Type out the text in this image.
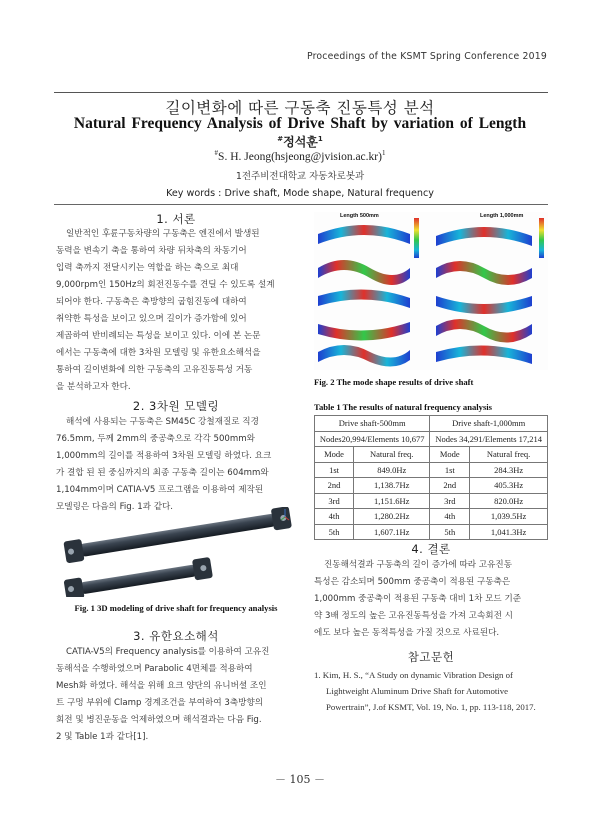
Proceedings of the KSMT Spring Conference 2019
길이변화에 따른 구동축 진동특성 분석
Natural Frequency Analysis of Drive Shaft by variation of Length
#정석훈$^1$
#S. H. Jeong(hsjeong@jvision.ac.kr)$^1$
1전주비전대학교 자동차로봇과
Key words : Drive shaft, Mode shape, Natural frequency
1. 서론
일반적인 후륜구동차량의 구동축은 엔진에서 발생된
동력을 변속기 축을 통하여 차량 뒤차축의 차동기어
입력 축까지 전달시키는 역할을 하는 축으로 최대
9,000rpm인 150Hz의 회전진동수를 견딜 수 있도록 설계
되어야 한다. 구동축은 축방향의 굽힘진동에 대하여
취약한 특성을 보이고 있으며 길이가 증가함에 있어
제곱하여 반비례되는 특성을 보이고 있다. 이에 본 논문
에서는 구동축에 대한 3차원 모델링 및 유한요소해석을
통하여 길이변화에 의한 구동축의 고유진동특성 거동
을 분석하고자 한다.
2. 3차원 모델링
해석에 사용되는 구동축은 SM45C 강철재질로 직경
76.5mm, 두께 2mm의 중공축으로 각각 500mm와
1,000mm의 길이를 적용하여 3차원 모델링 하였다. 요크
가 결합 된 된 중심까지의 최종 구동축 길이는 604mm와
1,104mm이며 CATIA-V5 프로그램을 이용하여 제작된
모델링은 다음의 Fig. 1과 같다.
Fig. 1 3D modeling of drive shaft for frequency analysis
3. 유한요소해석
CATIA-V5의 Frequency analysis를 이용하여 고유진
동해석을 수행하였으며 Parabolic 4면체를 적용하여
Mesh화 하였다. 해석을 위해 요크 양단의 유니버셜 조인
트 구멍 부위에 Clamp 경계조건을 부여하여 3축방향의
회전 및 병진운동을 억제하였으며 해석결과는 다음 Fig.
2 및 Table 1과 같다[1].
Length 500mm	Length 1,000mm
Fig. 2 The mode shape results of drive shaft
Table 1 The results of natural frequency analysis
Drive shaft-500mm		Drive shaft-1,000mm	
Nodes20,994/Elements 10,677		Nodes 34,291/Elements 17,214	
Mode	Natural freq.	Mode	Natural freq.
1st	849.0Hz	1st	284.3Hz
2nd	1,138.7Hz	2nd	405.3Hz
3rd	1,151.6Hz	3rd	820.0Hz
4th	1,280.2Hz	4th	1,039.5Hz
5th	1,607.1Hz	5th	1,041.3Hz
4. 결론
진동해석결과 구동축의 길이 증가에 따라 고유진동
특성은 감소되며 500mm 중공축이 적용된 구동축은
1,000mm 중공축이 적용된 구동축 대비 1차 모드 기준
약 3배 정도의 높은 고유진동특성을 가져 고속회전 시
에도 보다 높은 동적특성을 가질 것으로 사료된다.
참고문헌
1. Kim, H. S., “A Study on dynamic Vibration Design of Lightweight Aluminum Drive Shaft for Automotive Powertrain”, J.of KSMT, Vol. 19, No. 1, pp. 113-118, 2017.
－ 105 －
